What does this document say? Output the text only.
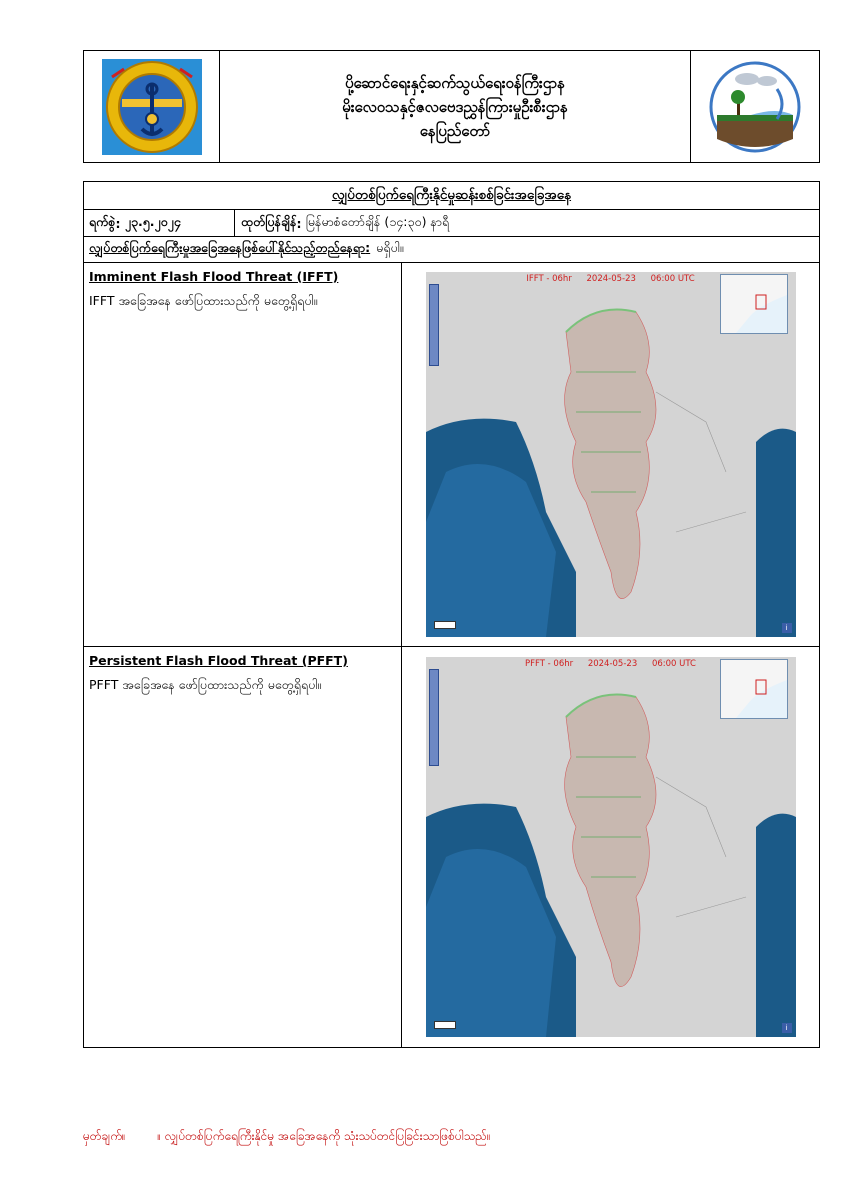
ပို့ဆောင်ရေးနှင့်ဆက်သွယ်ရေးဝန်ကြီးဌာန
မိုးလေဝသနှင့်ဇလဗေဒညွှန်ကြားမှုဦးစီးဌာန
နေပြည်တော်
လျှပ်တစ်ပြက်ရေကြီးနိုင်မှုဆန်းစစ်ခြင်းအခြေအနေ
ရက်စွဲ : ၂၃.၅.၂၀၂၄	ထုတ်ပြန်ချိန် : မြန်မာစံတော်ချိန် (၁၄:၃၀) နာရီ
လျှပ်တစ်ပြက်ရေကြီးမှုအခြေအနေဖြစ်ပေါ်နိုင်သည့်တည်နေရာ: မရှိပါ။
Imminent Flash Flood Threat (IFFT)
IFFT အခြေအနေ ဖော်ပြထားသည်ကို မတွေ့ရှိရပါ။
IFFT - 06hr 2024-05-23 06:00 UTC
i
Persistent Flash Flood Threat (PFFT)
PFFT အခြေအနေ ဖော်ပြထားသည်ကို မတွေ့ရှိရပါ။
PFFT - 06hr 2024-05-23 06:00 UTC
i
မှတ်ချက်။	။ လျှပ်တစ်ပြက်ရေကြီးနိုင်မှု အခြေအနေကို သုံးသပ်တင်ပြခြင်းသာဖြစ်ပါသည်။
